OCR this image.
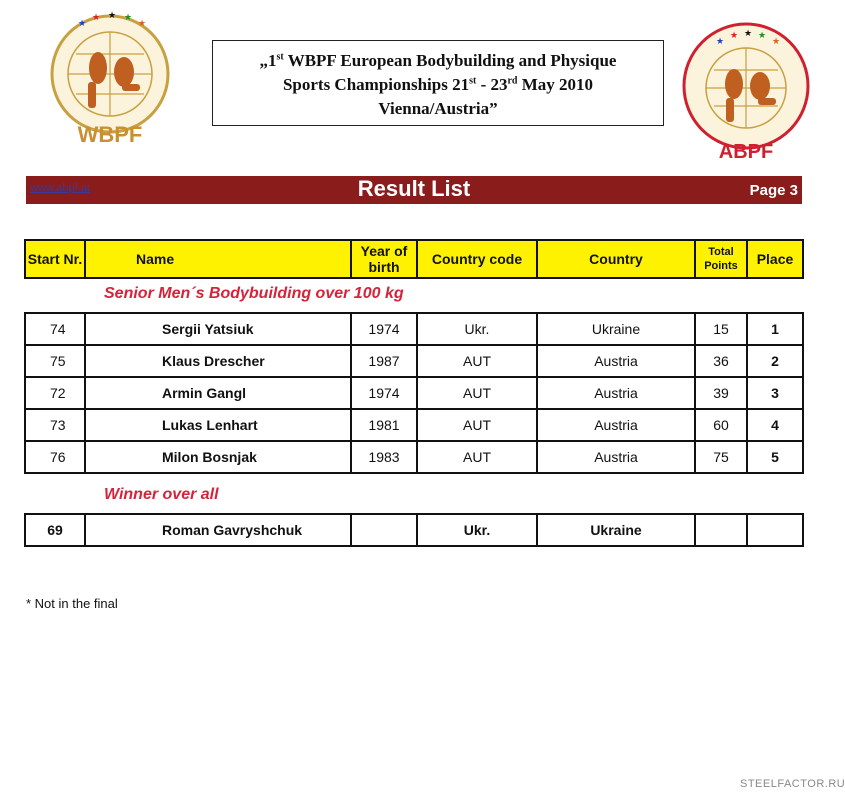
★
★ ★ ★
★
WBPF
★
★ ★ ★
★
ABPF
„1st WBPF European Bodybuilding and Physique
Sports Championships 21st - 23rd May 2010
Vienna/Austria”
www.abpf.at	Result List	Page 3
Start Nr.	Name	Year of birth	Country code	Country	Total Points	Place
Senior Men´s Bodybuilding over 100 kg
74	Sergii Yatsiuk	1974	Ukr.	Ukraine	15	1
75	Klaus Drescher	1987	AUT	Austria	36	2
72	Armin Gangl	1974	AUT	Austria	39	3
73	Lukas Lenhart	1981	AUT	Austria	60	4
76	Milon Bosnjak	1983	AUT	Austria	75	5
Winner over all
69	Roman Gavryshchuk		Ukr.	Ukraine		
* Not in the final
STEELFACTOR.RU
